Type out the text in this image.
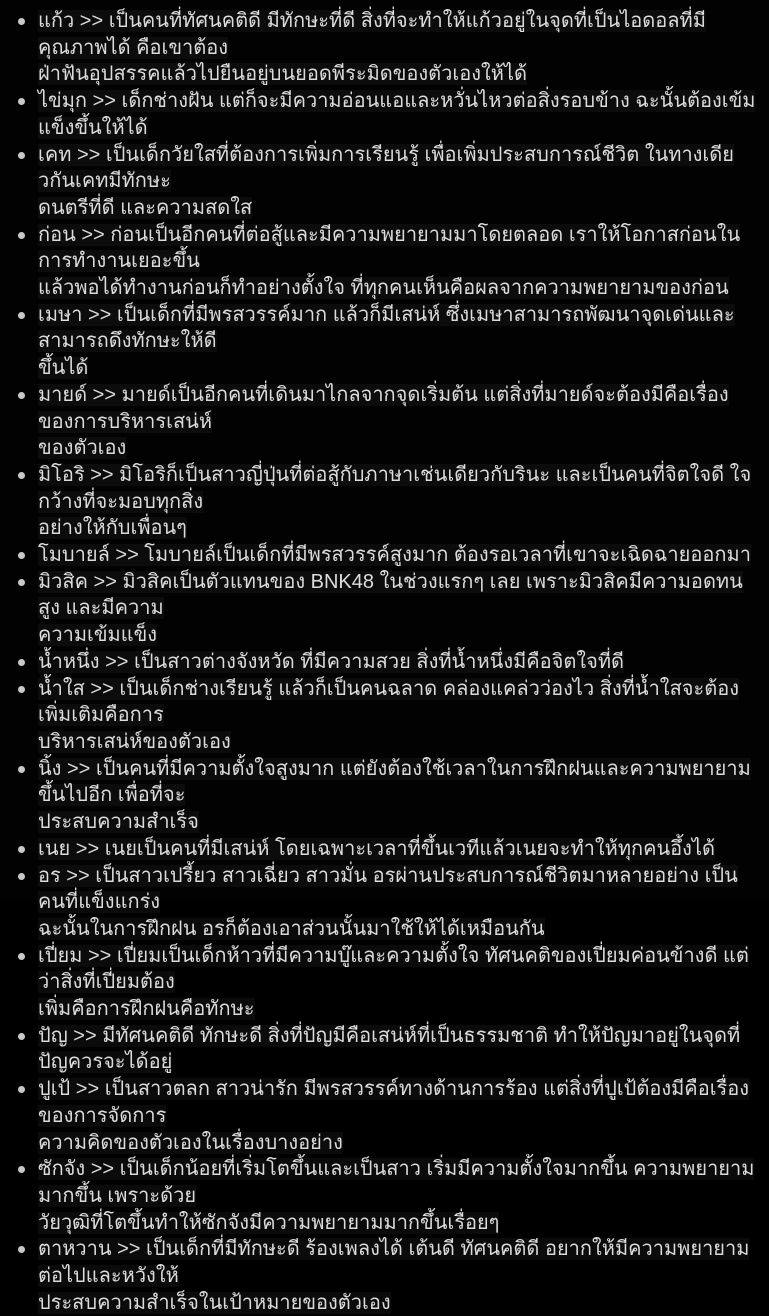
แก้ว >> เป็นคนที่ทัศนคติดี มีทักษะที่ดี สิ่งที่จะทำให้แก้วอยู่ในจุดที่เป็นไอดอลที่มีคุณภาพได้ คือเขาต้อง
ฝ่าฟันอุปสรรคแล้วไปยืนอยู่บนยอดพีระมิดของตัวเองให้ได้
ไข่มุก >> เด็กช่างฝัน แต่ก็จะมีความอ่อนแอและหวั่นไหวต่อสิ่งรอบข้าง ฉะนั้นต้องเข้มแข็งขึ้นให้ได้
เคท >> เป็นเด็กวัยใสที่ต้องการเพิ่มการเรียนรู้ เพื่อเพิ่มประสบการณ์ชีวิต ในทางเดียวกันเคทมีทักษะ
ดนตรีที่ดี และความสดใส
ก่อน >> ก่อนเป็นอีกคนที่ต่อสู้และมีความพยายามมาโดยตลอด เราให้โอกาสก่อนในการทำงานเยอะขึ้น
แล้วพอได้ทำงานก่อนก็ทำอย่างตั้งใจ ที่ทุกคนเห็นคือผลจากความพยายามของก่อน
เมษา >> เป็นเด็กที่มีพรสวรรค์มาก แล้วก็มีเสน่ห์ ซึ่งเมษาสามารถพัฒนาจุดเด่นและสามารถดึงทักษะให้ดี
ขึ้นได้
มายด์ >> มายด์เป็นอีกคนที่เดินมาไกลจากจุดเริ่มต้น แต่สิ่งที่มายด์จะต้องมีคือเรื่องของการบริหารเสน่ห์
ของตัวเอง
มิโอริ >> มิโอริก็เป็นสาวญี่ปุ่นที่ต่อสู้กับภาษาเช่นเดียวกับรินะ และเป็นคนที่จิตใจดี ใจกว้างที่จะมอบทุกสิ่ง
อย่างให้กับเพื่อนๆ
โมบายล์ >> โมบายล์เป็นเด็กที่มีพรสวรรค์สูงมาก ต้องรอเวลาที่เขาจะเฉิดฉายออกมา
มิวสิค >> มิวสิคเป็นตัวแทนของ BNK48 ในช่วงแรกๆ เลย เพราะมิวสิคมีความอดทนสูง และมีความ
ความเข้มแข็ง
น้ำหนึ่ง >> เป็นสาวต่างจังหวัด ที่มีความสวย สิ่งที่น้ำหนึ่งมีคือจิตใจที่ดี
น้ำใส >> เป็นเด็กช่างเรียนรู้ แล้วก็เป็นคนฉลาด คล่องแคล่วว่องไว สิ่งที่น้ำใสจะต้องเพิ่มเติมคือการ
บริหารเสน่ห์ของตัวเอง
นิ้ง >> เป็นคนที่มีความตั้งใจสูงมาก แต่ยังต้องใช้เวลาในการฝึกฝนและความพยายามขึ้นไปอีก เพื่อที่จะ
ประสบความสำเร็จ
เนย >> เนยเป็นคนที่มีเสน่ห์ โดยเฉพาะเวลาที่ขึ้นเวทีแล้วเนยจะทำให้ทุกคนอึ้งได้
อร >> เป็นสาวเปรี้ยว สาวเฉี่ยว สาวมั่น อรผ่านประสบการณ์ชีวิตมาหลายอย่าง เป็นคนที่แข็งแกร่ง
ฉะนั้นในการฝึกฝน อรก็ต้องเอาส่วนนั้นมาใช้ให้ได้เหมือนกัน
เปี่ยม >> เปี่ยมเป็นเด็กห้าวที่มีความบู๊และความตั้งใจ ทัศนคติของเปี่ยมค่อนข้างดี แต่ว่าสิ่งที่เปี่ยมต้อง
เพิ่มคือการฝึกฝนคือทักษะ
ปัญ >> มีทัศนคติดี ทักษะดี สิ่งที่ปัญมีคือเสน่ห์ที่เป็นธรรมชาติ ทำให้ปัญมาอยู่ในจุดที่ปัญควรจะได้อยู่
ปูเป้ >> เป็นสาวตลก สาวน่ารัก มีพรสวรรค์ทางด้านการร้อง แต่สิ่งที่ปูเป้ต้องมีคือเรื่องของการจัดการ
ความคิดของตัวเองในเรื่องบางอย่าง
ซักจัง >> เป็นเด็กน้อยที่เริ่มโตขึ้นและเป็นสาว เริ่มมีความตั้งใจมากขึ้น ความพยายามมากขึ้น เพราะด้วย
วัยวุฒิที่โตขึ้นทำให้ซักจังมีความพยายามมากขึ้นเรื่อยๆ
ตาหวาน >> เป็นเด็กที่มีทักษะดี ร้องเพลงได้ เต้นดี ทัศนคติดี อยากให้มีความพยายามต่อไปและหวังให้
ประสบความสำเร็จในเป้าหมายของตัวเอง
